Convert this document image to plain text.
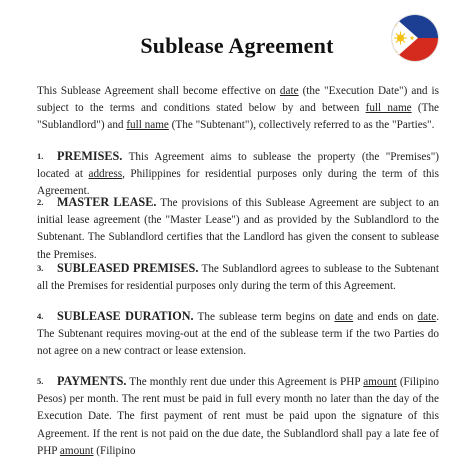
Sublease Agreement
This Sublease Agreement shall become effective on date (the "Execution Date") and is subject to the terms and conditions stated below by and between full name (The "Sublandlord") and full name (The "Subtenant"), collectively referred to as the "Parties".
1.	PREMISES. This Agreement aims to sublease the property (the "Premises") located at address, Philippines for residential purposes only during the term of this Agreement.
2.	MASTER LEASE. The provisions of this Sublease Agreement are subject to an initial lease agreement (the "Master Lease") and as provided by the Sublandlord to the Subtenant. The Sublandlord certifies that the Landlord has given the consent to sublease the Premises.
3.	SUBLEASED PREMISES. The Sublandlord agrees to sublease to the Subtenant all the Premises for residential purposes only during the term of this Agreement.
4.	SUBLEASE DURATION. The sublease term begins on date and ends on date. The Subtenant requires moving-out at the end of the sublease term if the two Parties do not agree on a new contract or lease extension.
5.	PAYMENTS. The monthly rent due under this Agreement is PHP amount (Filipino Pesos) per month. The rent must be paid in full every month no later than the day of the Execution Date. The first payment of rent must be paid upon the signature of this Agreement. If the rent is not paid on the due date, the Sublandlord shall pay a late fee of PHP amount (Filipino
